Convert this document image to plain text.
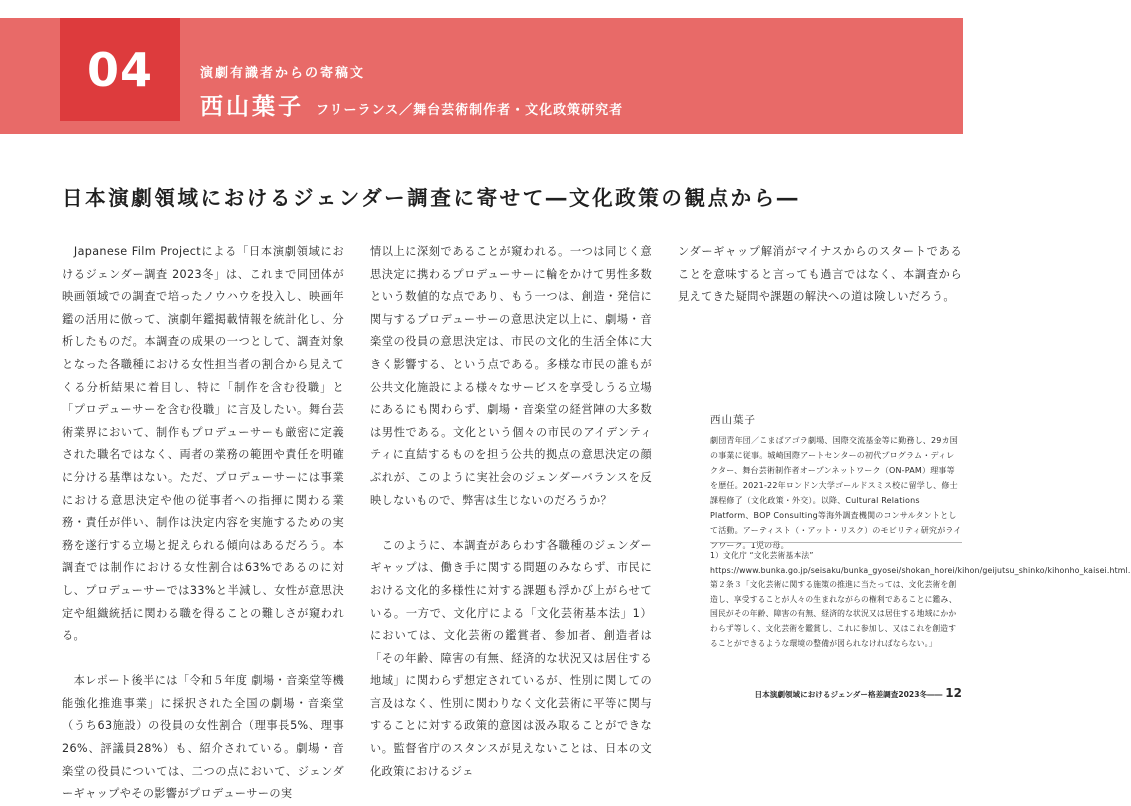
04	演劇有識者からの寄稿文
西山葉子 フリーランス／舞台芸術制作者・文化政策研究者
日本演劇領域におけるジェンダー調査に寄せて―文化政策の観点から―

　Japanese Film Projectによる「日本演劇領域におけるジェンダー調査 2023冬」は、これまで同団体が映画領域での調査で培ったノウハウを投入し、映画年鑑の活用に倣って、演劇年鑑掲載情報を統計化し、分析したものだ。本調査の成果の一つとして、調査対象となった各職種における女性担当者の割合から見えてくる分析結果に着目し、特に「制作を含む役職」と「プロデューサーを含む役職」に言及したい。舞台芸術業界において、制作もプロデューサーも厳密に定義された職名ではなく、両者の業務の範囲や責任を明確に分ける基準はない。ただ、プロデューサーには事業における意思決定や他の従事者への指揮に関わる業務・責任が伴い、制作は決定内容を実施するための実務を遂行する立場と捉えられる傾向はあるだろう。本調査では制作における女性割合は63%であるのに対し、プロデューサーでは33%と半減し、女性が意思決定や組織統括に関わる職を得ることの難しさが窺われる。

　本レポート後半には「令和５年度 劇場・音楽堂等機能強化推進事業」に採択された全国の劇場・音楽堂（うち63施設）の役員の女性割合（理事長5%、理事26%、評議員28%）も、紹介されている。劇場・音楽堂の役員については、二つの点において、ジェンダーギャップやその影響がプロデューサーの実

情以上に深刻であることが窺われる。一つは同じく意思決定に携わるプロデューサーに輪をかけて男性多数という数値的な点であり、もう一つは、創造・発信に関与するプロデューサーの意思決定以上に、劇場・音楽堂の役員の意思決定は、市民の文化的生活全体に大きく影響する、という点である。多様な市民の誰もが公共文化施設による様々なサービスを享受しうる立場にあるにも関わらず、劇場・音楽堂の経営陣の大多数は男性である。文化という個々の市民のアイデンティティに直結するものを担う公共的拠点の意思決定の顔ぶれが、このように実社会のジェンダーバランスを反映しないもので、弊害は生じないのだろうか？

　このように、本調査があらわす各職種のジェンダーギャップは、働き手に関する問題のみならず、市民における文化的多様性に対する課題も浮かび上がらせている。一方で、文化庁による「文化芸術基本法」1）においては、文化芸術の鑑賞者、参加者、創造者は「その年齢、障害の有無、経済的な状況又は居住する地域」に関わらず想定されているが、性別に関しての言及はなく、性別に関わりなく文化芸術に平等に関与することに対する政策的意図は汲み取ることができない。監督省庁のスタンスが見えないことは、日本の文化政策におけるジェ

ンダーギャップ解消がマイナスからのスタートであることを意味すると言っても過言ではなく、本調査から見えてきた疑問や課題の解決への道は険しいだろう。

西山葉子
劇団青年団／こまばアゴラ劇場、国際交流基金等に勤務し、29カ国の事業に従事。城崎国際アートセンターの初代プログラム・ディレクター、舞台芸術制作者オープンネットワーク（ON-PAM）理事等を歴任。2021-22年ロンドン大学ゴールドスミス校に留学し、修士課程修了（文化政策・外交）。以降、Cultural Relations Platform、BOP Consulting等海外調査機関のコンサルタントとして活動。アーティスト（・アット・リスク）のモビリティ研究がライフワーク。1児の母。
1）文化庁 “文化芸術基本法”
https://www.bunka.go.jp/seisaku/bunka_gyosei/shokan_horei/kihon/geijutsu_shinko/kihonho_kaisei.html.
第２条３「文化芸術に関する施策の推進に当たっては、文化芸術を創造し、享受することが人々の生まれながらの権利であることに鑑み、国民がその年齢、障害の有無、経済的な状況又は居住する地域にかかわらず等しく、文化芸術を鑑賞し、これに参加し、又はこれを創造することができるような環境の整備が図られなければならない。」
日本演劇領域におけるジェンダー格差調査2023冬―― 12
